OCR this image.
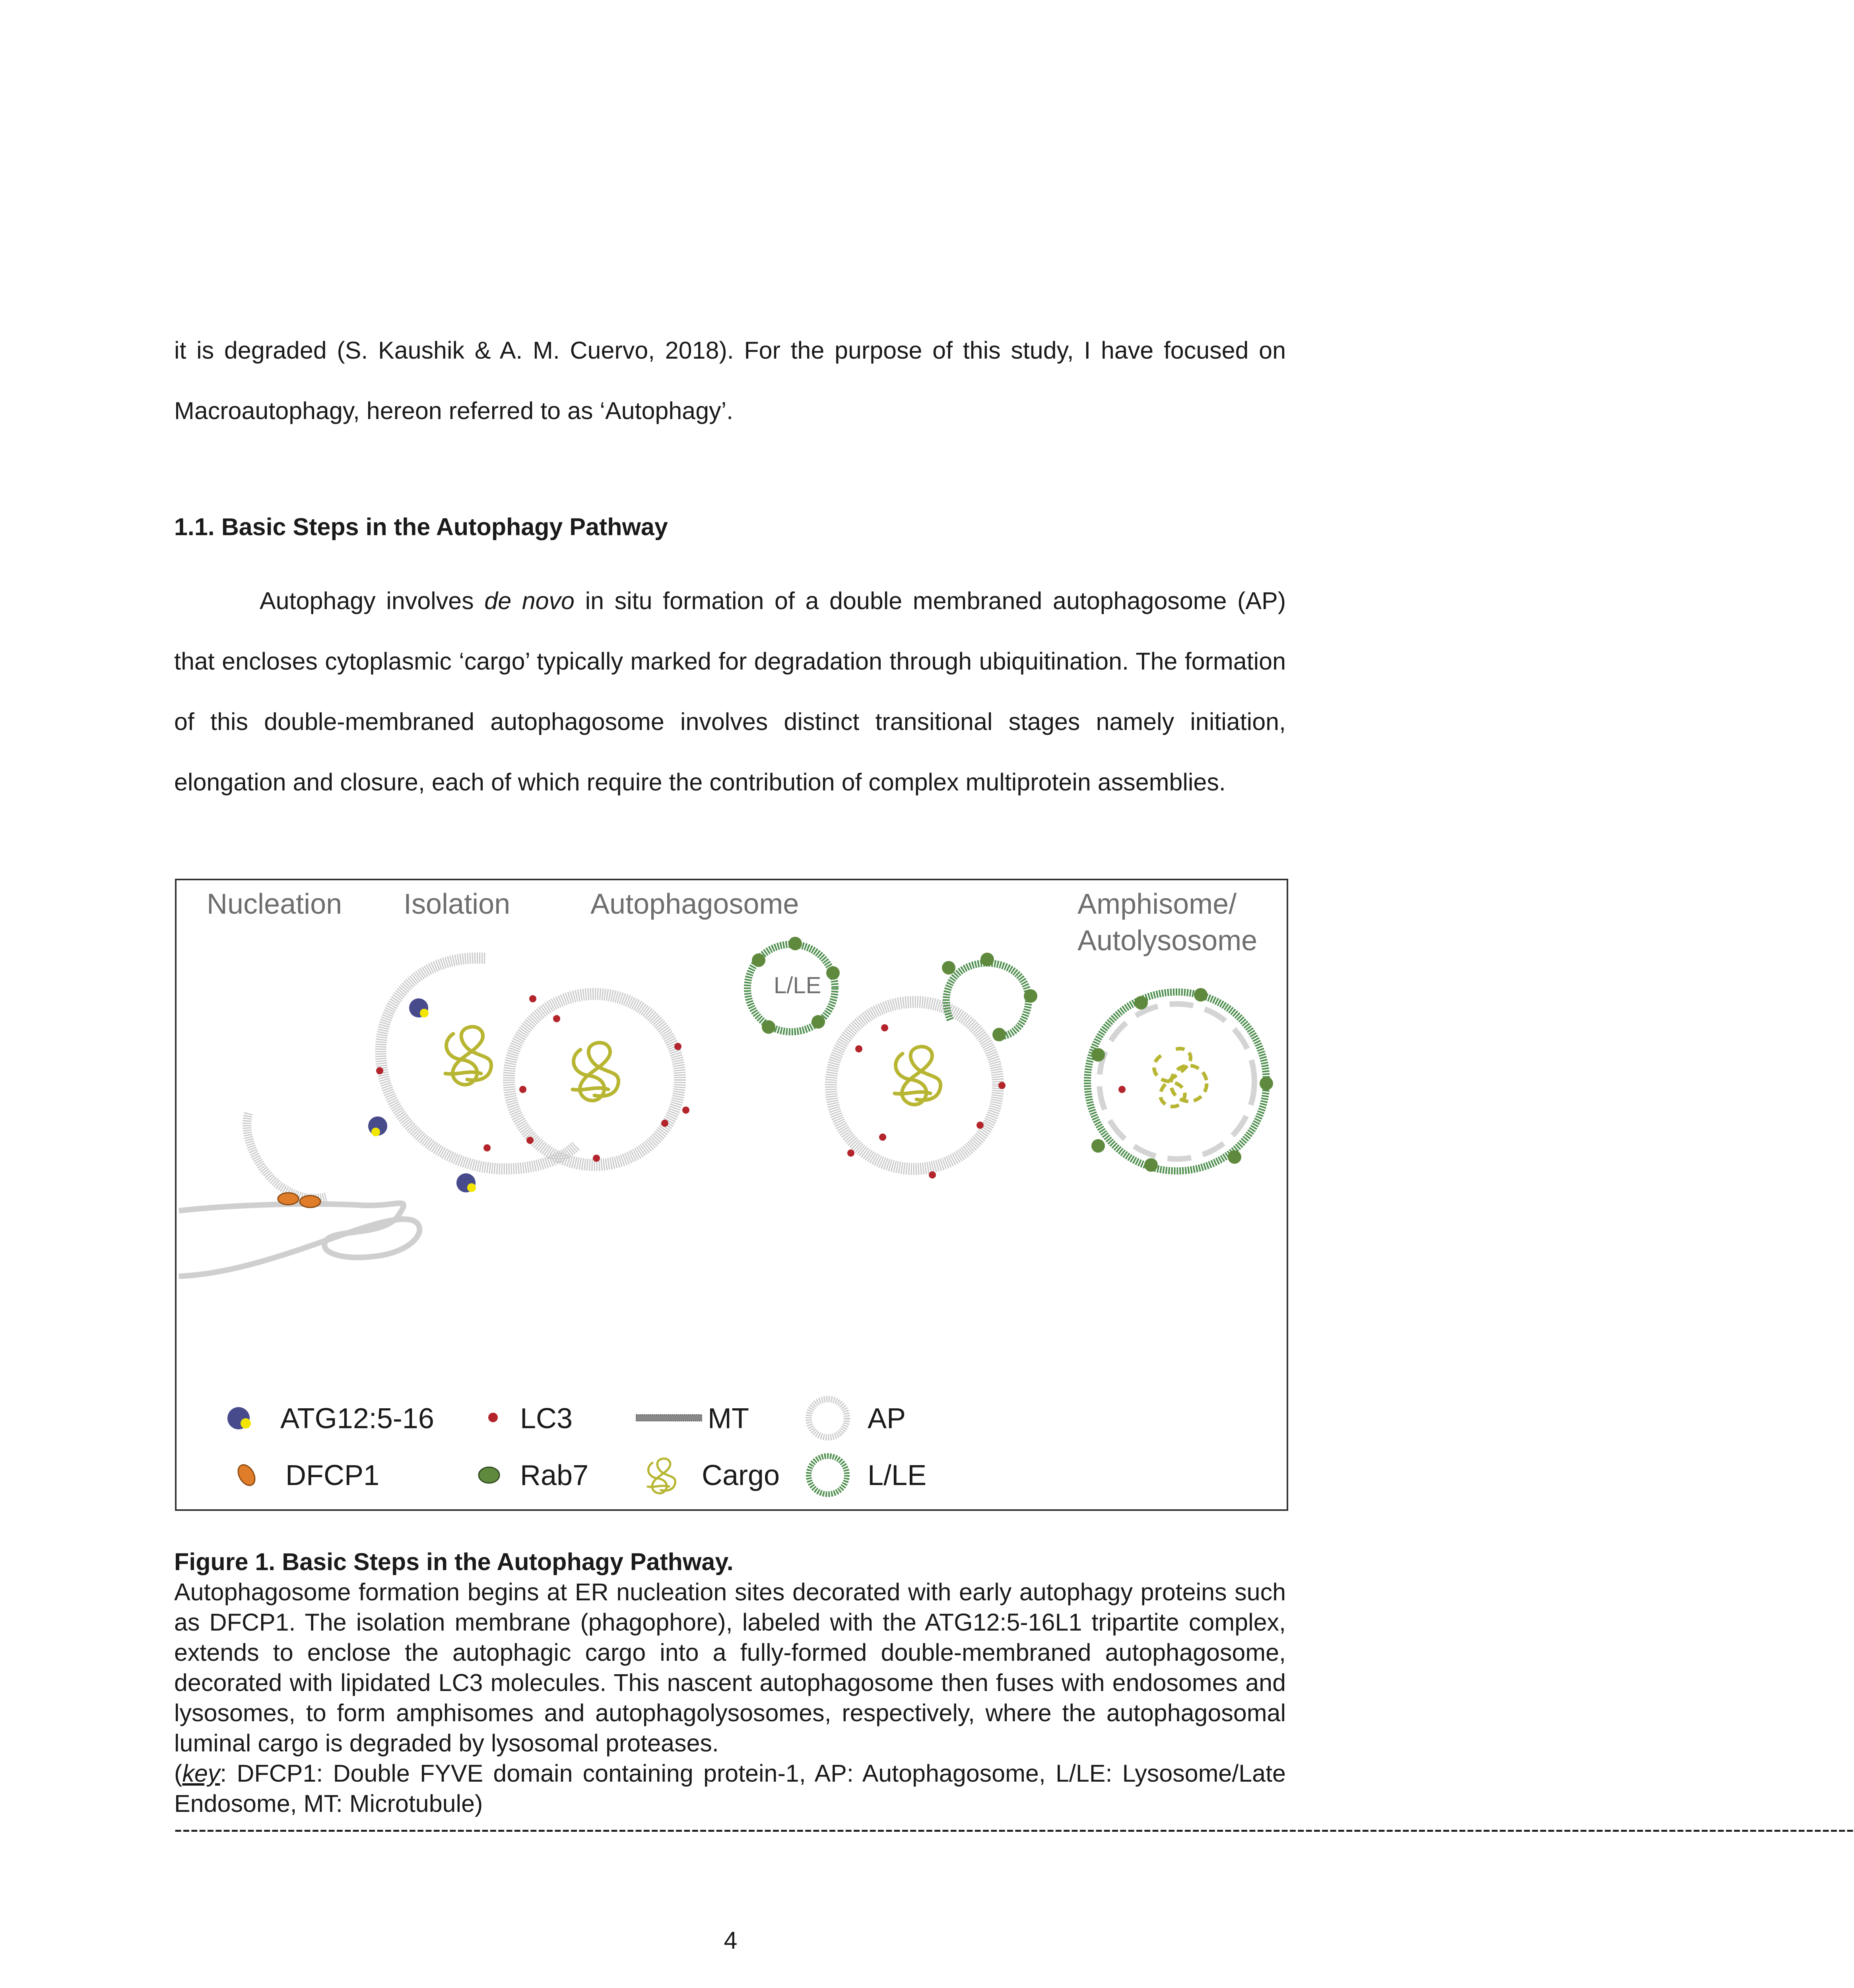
it is degraded (S. Kaushik & A. M. Cuervo, 2018). For the purpose of this study, I have focused on Macroautophagy, hereon referred to as ‘Autophagy’.

1.1. Basic Steps in the Autophagy Pathway

Autophagy involves de novo in situ formation of a double membraned autophagosome (AP) that encloses cytoplasmic ‘cargo’ typically marked for degradation through ubiquitination. The formation of this double-membraned autophagosome involves distinct transitional stages namely initiation, elongation and closure, each of which require the contribution of complex multiprotein assemblies.

Nucleation Isolation	Autophagosome	Amphisome/
Autolysosome
L/LE
ATG12:5-16	LC3	MT	AP
DFCP1	Rab7	Cargo	L/LE

Figure 1. Basic Steps in the Autophagy Pathway.

Autophagosome formation begins at ER nucleation sites decorated with early autophagy proteins such as DFCP1. The isolation membrane (phagophore), labeled with the ATG12:5-16L1 tripartite complex, extends to enclose the autophagic cargo into a fully-formed double-membraned autophagosome, decorated with lipidated LC3 molecules. This nascent autophagosome then fuses with endosomes and lysosomes, to form amphisomes and autophagolysosomes, respectively, where the autophagosomal luminal cargo is degraded by lysosomal proteases.

(key: DFCP1: Double FYVE domain containing protein-1, AP: Autophagosome, L/LE: Lysosome/Late Endosome, MT: Microtubule)

----------------------------------------------------------------------------------------------------------------------------------------------------------------------------------------------------------------
4
